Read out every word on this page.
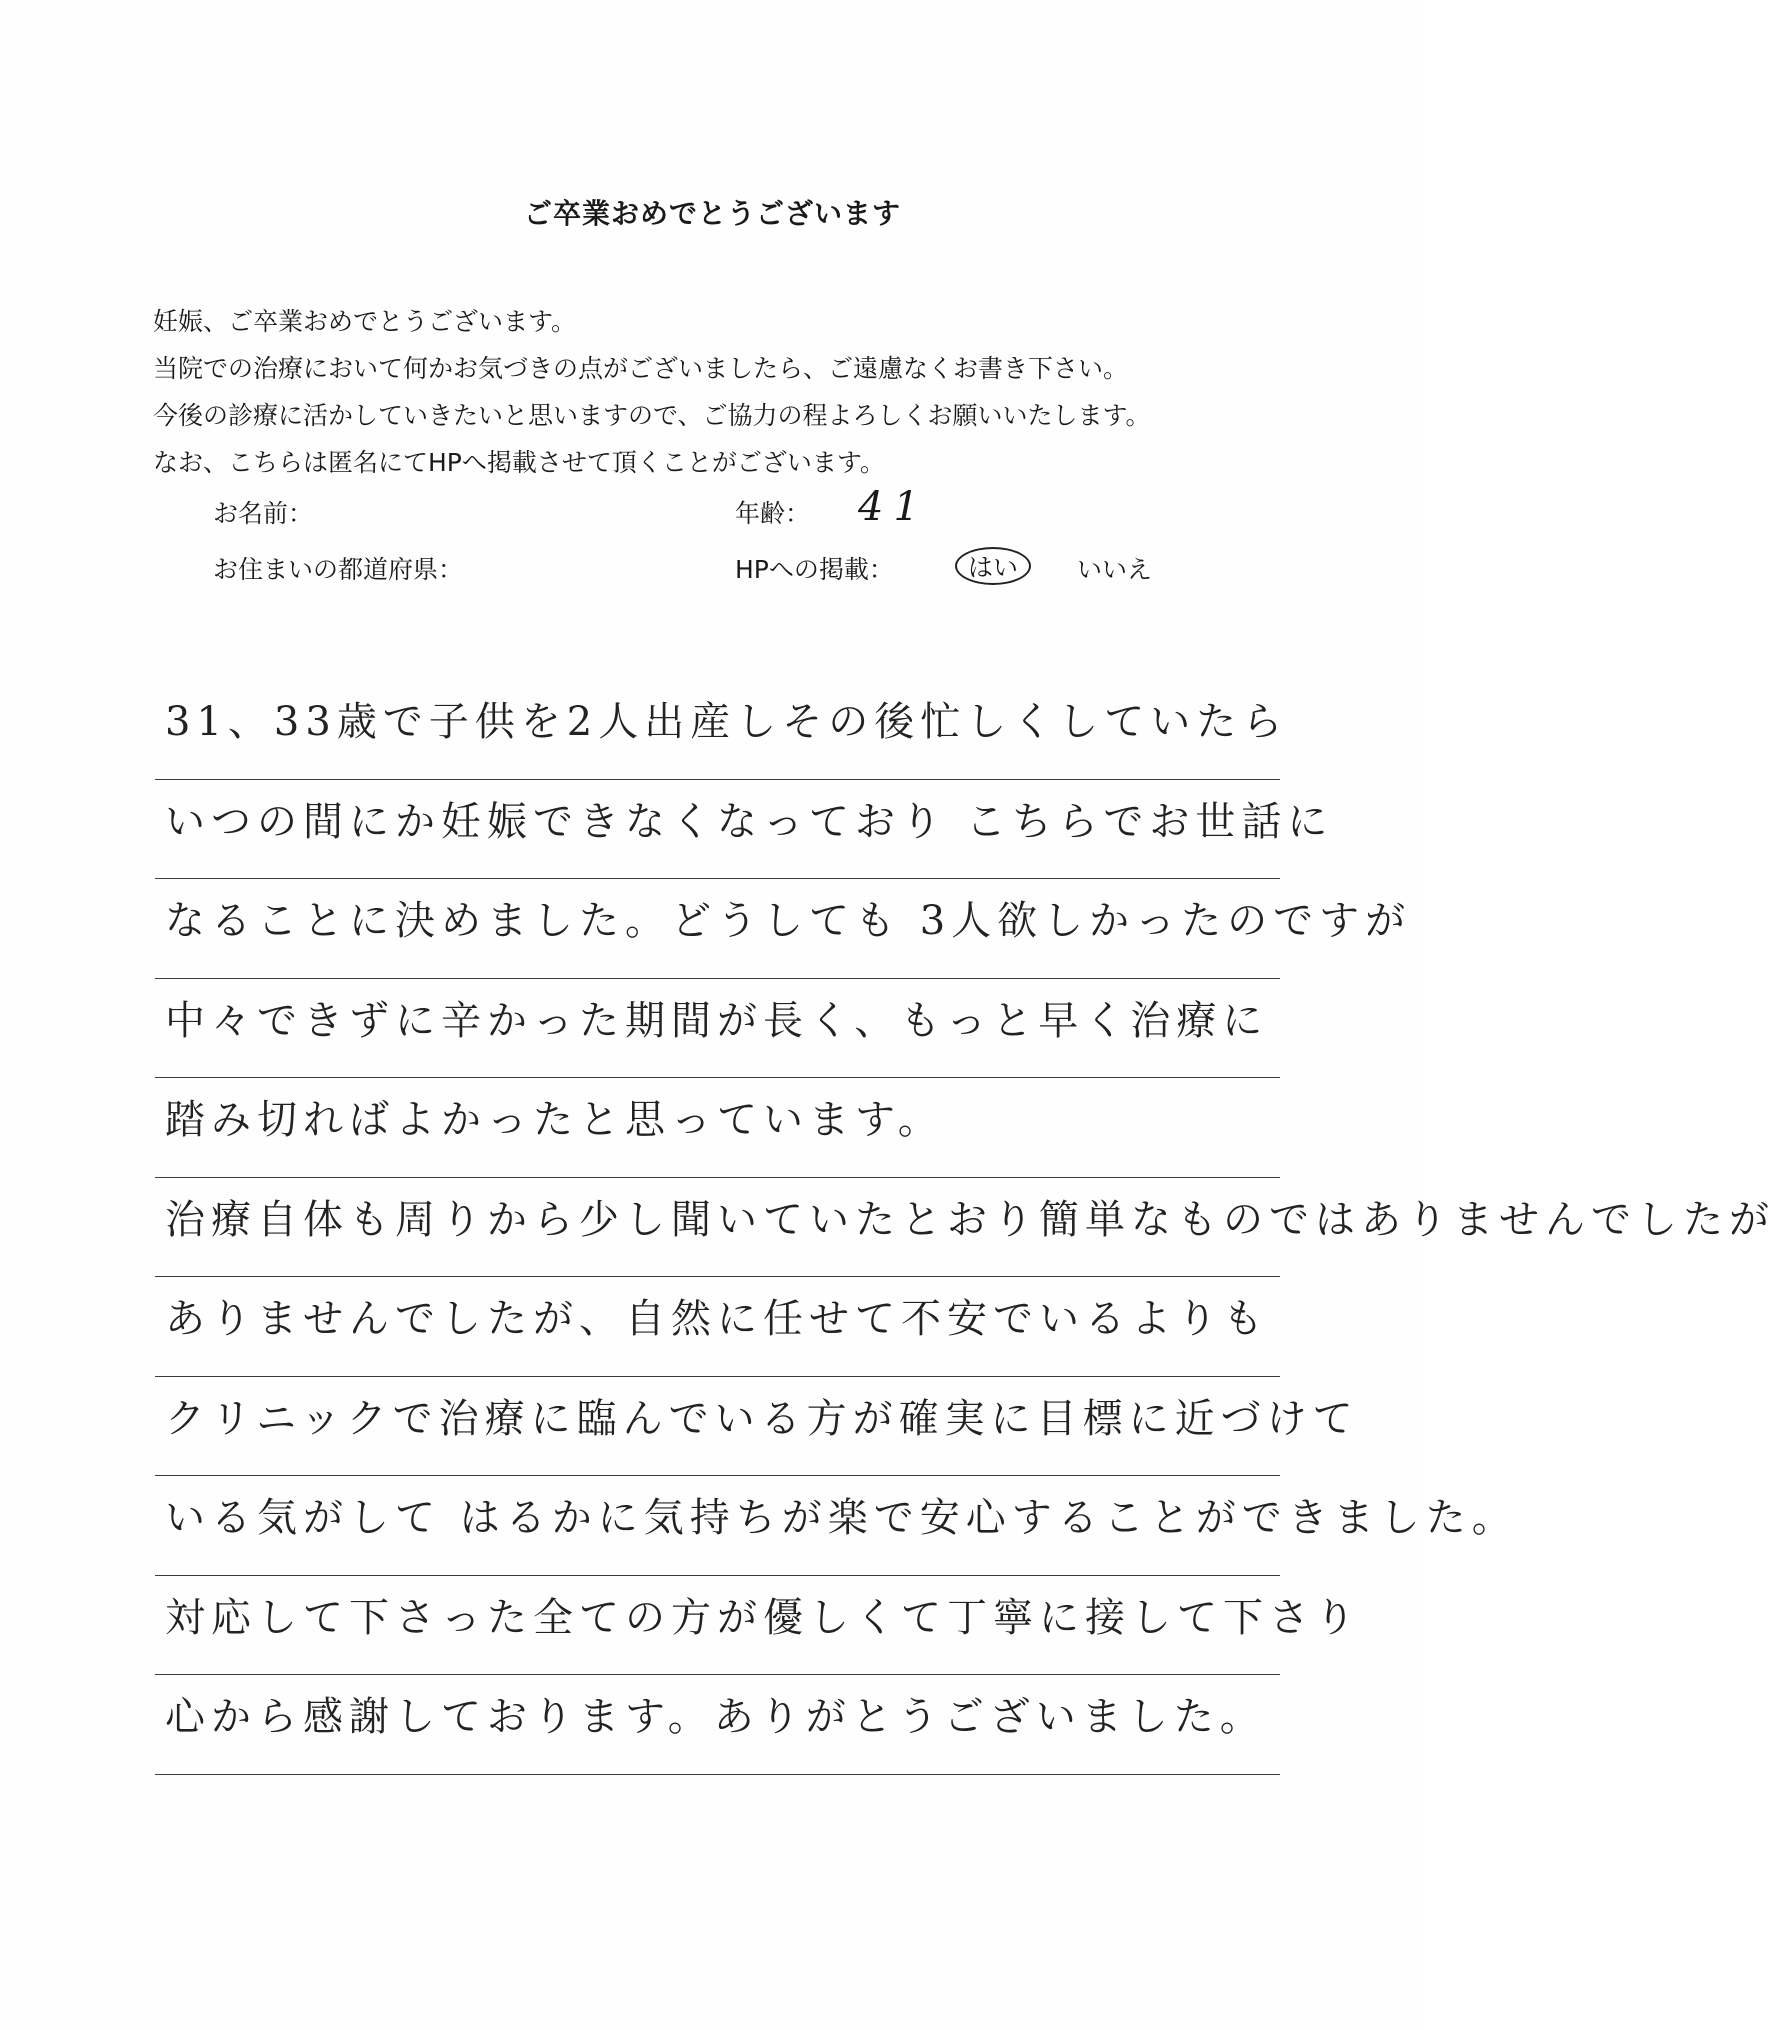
ご卒業おめでとうございます
妊娠、ご卒業おめでとうございます。
当院での治療において何かお気づきの点がございましたら、ご遠慮なくお書き下さい。
今後の診療に活かしていきたいと思いますので、ご協力の程よろしくお願いいたします。
なお、こちらは匿名にてHPへ掲載させて頂くことがございます。
お名前：
お住まいの都道府県：
年齢： 41
HPへの掲載：	はい	いいえ
31、33歳で子供を2人出産しその後忙しくしていたら
いつの間にか妊娠できなくなっており こちらでお世話に
なることに決めました。どうしても 3人欲しかったのですが
中々できずに辛かった期間が長く、もっと早く治療に
踏み切ればよかったと思っています。
治療自体も周りから少し聞いていたとおり簡単なものではありませんでしたが
ありませんでしたが、自然に任せて不安でいるよりも
クリニックで治療に臨んでいる方が確実に目標に近づけて
いる気がして はるかに気持ちが楽で安心することができました。
対応して下さった全ての方が優しくて丁寧に接して下さり
心から感謝しております。ありがとうございました。
